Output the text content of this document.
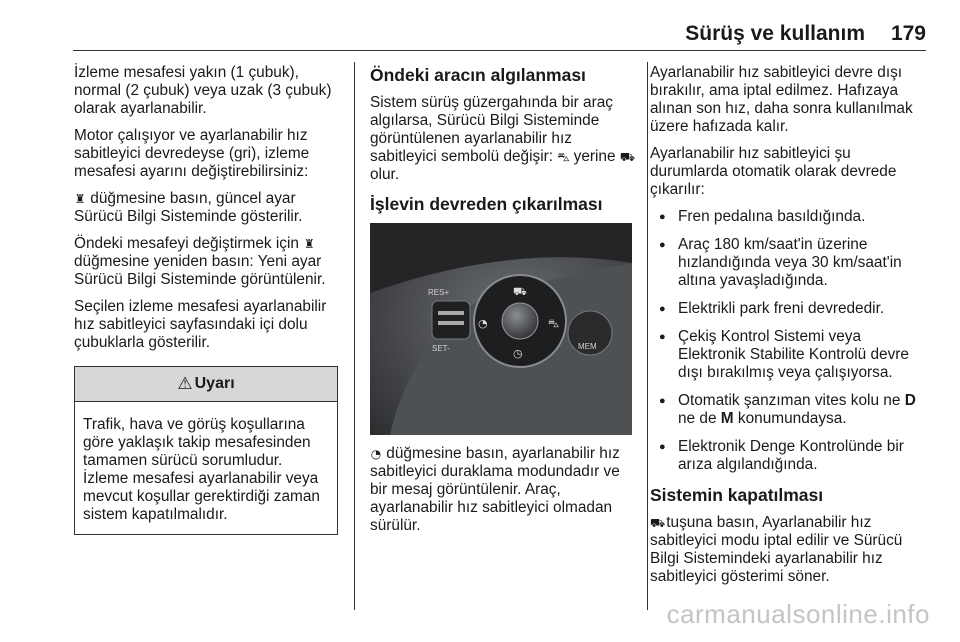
Sürüş ve kullanım 179

İzleme mesafesi yakın (1 çubuk), normal (2 çubuk) veya uzak (3 çubuk) olarak ayarlanabilir.

Motor çalışıyor ve ayarlanabilir hız sabitleyici devredeyse (gri), izleme mesafesi ayarını değiştirebilirsiniz:

♜ düğmesine basın, güncel ayar Sürücü Bilgi Sisteminde gösterilir.

Öndeki mesafeyi değiştirmek için ♜ düğmesine yeniden basın: Yeni ayar Sürücü Bilgi Sisteminde görüntülenir.

Seçilen izleme mesafesi ayarlanabilir hız sabitleyici sayfasındaki içi dolu çubuklarla gösterilir.

⚠ Uyarı
Trafik, hava ve görüş koşullarına göre yaklaşık takip mesafesinden tamamen sürücü sorumludur. İzleme mesafesi ayarlanabilir veya mevcut koşullar gerektirdiği zaman sistem kapatılmalıdır.
Öndeki aracın algılanması

Sistem sürüş güzergahında bir araç algılarsa, Sürücü Bilgi Sisteminde görüntülenen ayarlanabilir hız sabitleyici sembolü değişir: ⛍ yerine ⛟ olur.

İşlevin devreden çıkarılması
RES+
SET-	MEM
⛟
◔	⛍
◷

◔ düğmesine basın, ayarlanabilir hız sabitleyici duraklama modundadır ve bir mesaj görüntülenir. Araç, ayarlanabilir hız sabitleyici olmadan sürülür.

Ayarlanabilir hız sabitleyici devre dışı bırakılır, ama iptal edilmez. Hafızaya alınan son hız, daha sonra kullanılmak üzere hafızada kalır.

Ayarlanabilir hız sabitleyici şu durumlarda otomatik olarak devrede çıkarılır:

● Fren pedalına basıldığında.
● Araç 180 km/saat'in üzerine hızlandığında veya 30 km/saat'in altına yavaşladığında.
● Elektrikli park freni devrededir.
● Çekiş Kontrol Sistemi veya Elektronik Stabilite Kontrolü devre dışı bırakılmış veya çalışıyorsa.
● Otomatik şanzıman vites kolu ne D ne de M konumundaysa.
● Elektronik Denge Kontrolünde bir arıza algılandığında.
Sistemin kapatılması

⛟ tuşuna basın, Ayarlanabilir hız sabitleyici modu iptal edilir ve Sürücü Bilgi Sistemindeki ayarlanabilir hız sabitleyici gösterimi söner.

carmanualsonline.info
